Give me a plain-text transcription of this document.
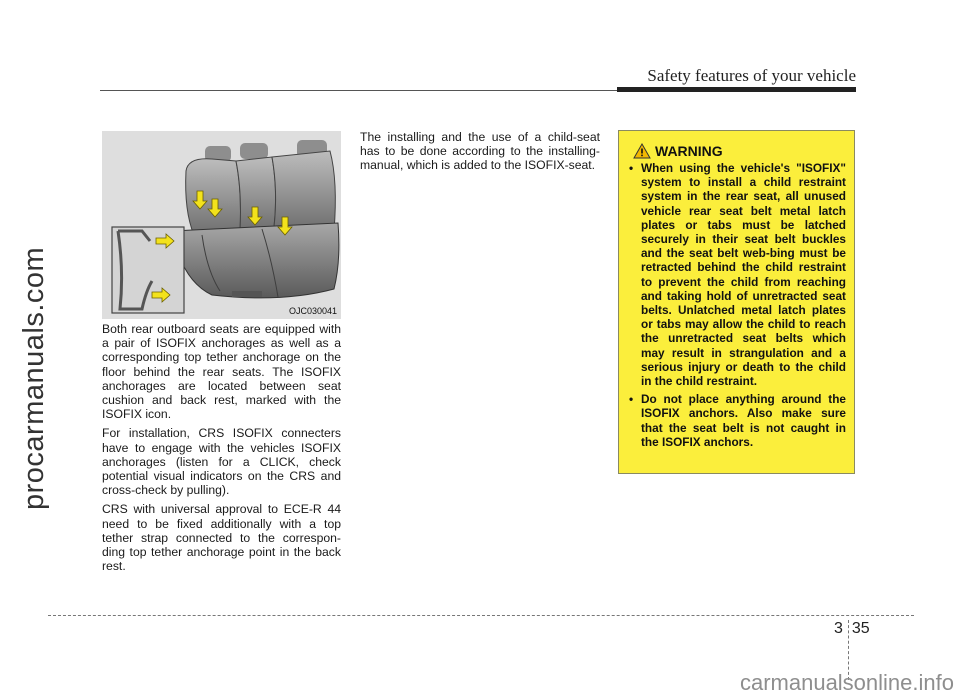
Safety features of your vehicle
procarmanuals.com	OJC030041

Both rear outboard seats are equipped with a pair of ISOFIX anchorages as well as a corresponding top tether anchorage on the floor behind the rear seats. The ISOFIX anchorages are located between seat cushion and back rest, marked with the ISOFIX icon.

For installation, CRS ISOFIX connecters have to engage with the vehicles ISOFIX anchorages (listen for a CLICK, check potential visual indicators on the CRS and cross-check by pulling).

CRS with universal approval to ECE-R 44 need to be fixed additionally with a top tether strap connected to the correspon-ding top tether anchorage point in the back rest.

The installing and the use of a child-seat has to be done according to the installing-manual, which is added to the ISOFIX-seat.

WARNING
• When using the vehicle's "ISOFIX" system to install a child restraint system in the rear seat, all unused vehicle rear seat belt metal latch plates or tabs must be latched securely in their seat belt buckles and the seat belt web-bing must be retracted behind the child restraint to prevent the child from reaching and taking hold of unretracted seat belts. Unlatched metal latch plates or tabs may allow the child to reach the unretracted seat belts which may result in strangulation and a serious injury or death to the child in the child restraint.
• Do not place anything around the ISOFIX anchors. Also make sure that the seat belt is not caught in the ISOFIX anchors.
3 35
carmanualsonline.info
